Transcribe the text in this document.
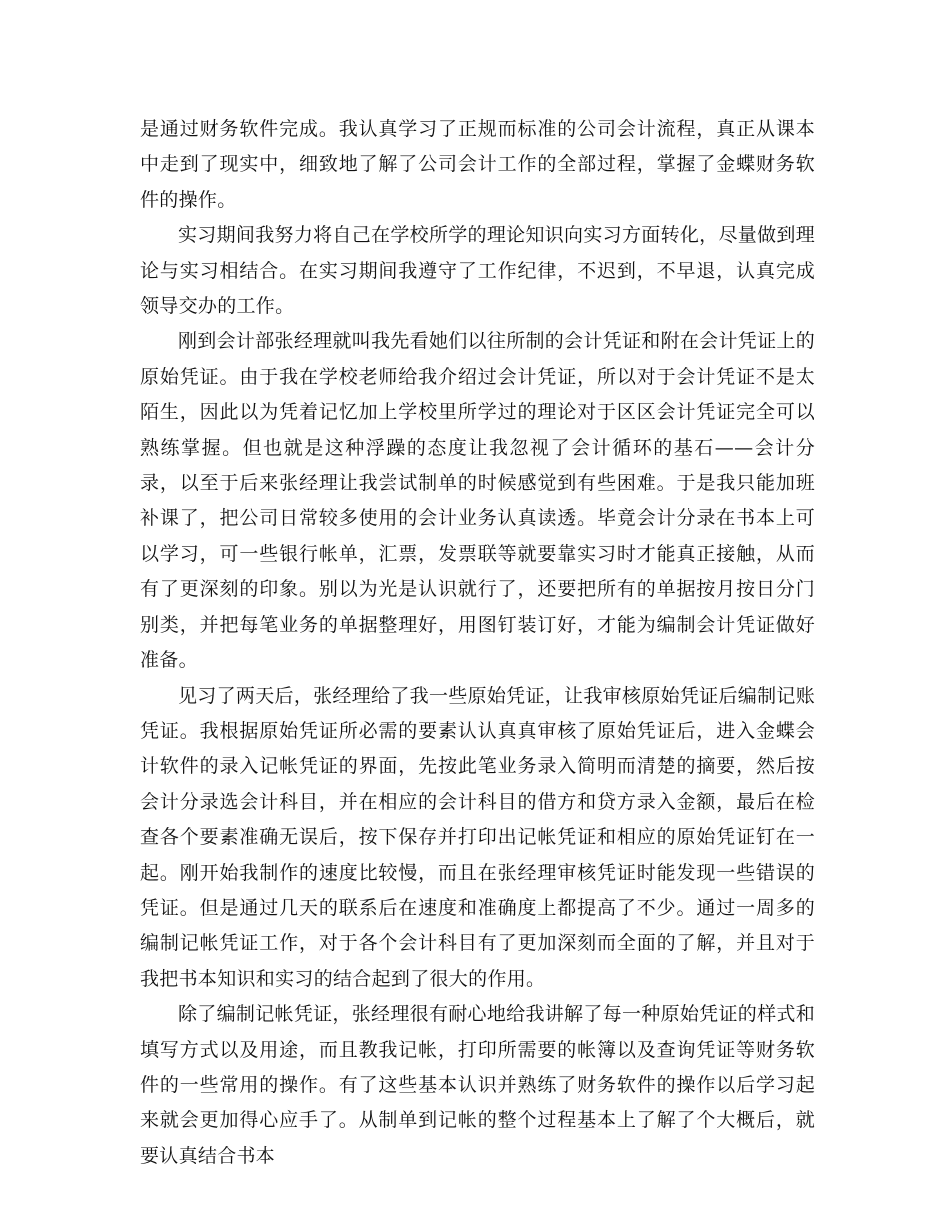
是通过财务软件完成。我认真学习了正规而标准的公司会计流程，真正从课本中走到了现实中，细致地了解了公司会计工作的全部过程，掌握了金蝶财务软件的操作。

实习期间我努力将自己在学校所学的理论知识向实习方面转化，尽量做到理论与实习相结合。在实习期间我遵守了工作纪律，不迟到，不早退，认真完成领导交办的工作。

刚到会计部张经理就叫我先看她们以往所制的会计凭证和附在会计凭证上的原始凭证。由于我在学校老师给我介绍过会计凭证，所以对于会计凭证不是太陌生，因此以为凭着记忆加上学校里所学过的理论对于区区会计凭证完全可以熟练掌握。但也就是这种浮躁的态度让我忽视了会计循环的基石——会计分录，以至于后来张经理让我尝试制单的时候感觉到有些困难。于是我只能加班补课了，把公司日常较多使用的会计业务认真读透。毕竟会计分录在书本上可以学习，可一些银行帐单，汇票，发票联等就要靠实习时才能真正接触，从而有了更深刻的印象。别以为光是认识就行了，还要把所有的单据按月按日分门别类，并把每笔业务的单据整理好，用图钉装订好，才能为编制会计凭证做好准备。

见习了两天后，张经理给了我一些原始凭证，让我审核原始凭证后编制记账凭证。我根据原始凭证所必需的要素认认真真审核了原始凭证后，进入金蝶会计软件的录入记帐凭证的界面，先按此笔业务录入简明而清楚的摘要，然后按会计分录选会计科目，并在相应的会计科目的借方和贷方录入金额，最后在检查各个要素准确无误后，按下保存并打印出记帐凭证和相应的原始凭证钉在一起。刚开始我制作的速度比较慢，而且在张经理审核凭证时能发现一些错误的凭证。但是通过几天的联系后在速度和准确度上都提高了不少。通过一周多的编制记帐凭证工作，对于各个会计科目有了更加深刻而全面的了解，并且对于我把书本知识和实习的结合起到了很大的作用。

除了编制记帐凭证，张经理很有耐心地给我讲解了每一种原始凭证的样式和填写方式以及用途，而且教我记帐，打印所需要的帐簿以及查询凭证等财务软件的一些常用的操作。有了这些基本认识并熟练了财务软件的操作以后学习起来就会更加得心应手了。从制单到记帐的整个过程基本上了解了个大概后，就要认真结合书本
